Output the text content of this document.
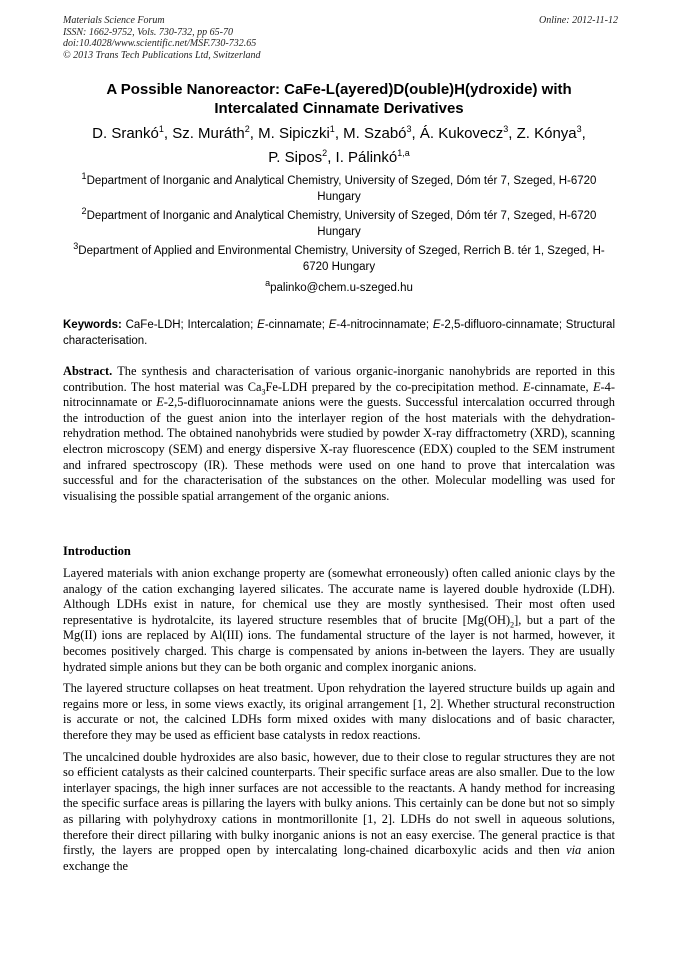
Materials Science Forum
ISSN: 1662-9752, Vols. 730-732, pp 65-70
doi:10.4028/www.scientific.net/MSF.730-732.65
© 2013 Trans Tech Publications Ltd, Switzerland
Online: 2012-11-12
A Possible Nanoreactor: CaFe-L(ayered)D(ouble)H(ydroxide) with
Intercalated Cinnamate Derivatives
D. Srankó$^1$, Sz. Muráth$^2$, M. Sipiczki$^1$, M. Szabó$^3$, Á. Kukovecz$^3$, Z. Kónya$^3$,
P. Sipos$^2$, I. Pálinkó$^{1,a}$
$^1$Department of Inorganic and Analytical Chemistry, University of Szeged, Dóm tér 7, Szeged, H-6720 Hungary
$^2$Department of Inorganic and Analytical Chemistry, University of Szeged, Dóm tér 7, Szeged, H-6720 Hungary
$^3$Department of Applied and Environmental Chemistry, University of Szeged, Rerrich B. tér 1, Szeged, H-6720 Hungary
$^a$palinko@chem.u-szeged.hu
Keywords: CaFe-LDH; Intercalation; E-cinnamate; E-4-nitrocinnamate; E-2,5-difluoro-cinnamate; Structural characterisation.

Abstract. The synthesis and characterisation of various organic-inorganic nanohybrids are reported in this contribution. The host material was $Ca_3Fe$-LDH prepared by the co-precipitation method. E-cinnamate, E-4-nitrocinnamate or E-2,5-difluorocinnamate anions were the guests. Successful intercalation occurred through the introduction of the guest anion into the interlayer region of the host materials with the dehydration-rehydration method. The obtained nanohybrids were studied by powder X-ray diffractometry (XRD), scanning electron microscopy (SEM) and energy dispersive X-ray fluorescence (EDX) coupled to the SEM instrument and infrared spectroscopy (IR). These methods were used on one hand to prove that intercalation was successful and for the characterisation of the substances on the other. Molecular modelling was used for visualising the possible spatial arrangement of the organic anions.

Introduction

Layered materials with anion exchange property are (somewhat erroneously) often called anionic clays by the analogy of the cation exchanging layered silicates. The accurate name is layered double hydroxide (LDH). Although LDHs exist in nature, for chemical use they are mostly synthesised. Their most often used representative is hydrotalcite, its layered structure resembles that of brucite $[Mg(OH)_2]$, but a part of the Mg(II) ions are replaced by Al(III) ions. The fundamental structure of the layer is not harmed, however, it becomes positively charged. This charge is compensated by anions in-between the layers. They are usually hydrated simple anions but they can be both organic and complex inorganic anions.

The layered structure collapses on heat treatment. Upon rehydration the layered structure builds up again and regains more or less, in some views exactly, its original arrangement [1, 2]. Whether structural reconstruction is accurate or not, the calcined LDHs form mixed oxides with many dislocations and of basic character, therefore they may be used as efficient base catalysts in redox reactions.

The uncalcined double hydroxides are also basic, however, due to their close to regular structures they are not so efficient catalysts as their calcined counterparts. Their specific surface areas are also smaller. Due to the low interlayer spacings, the high inner surfaces are not accessible to the reactants. A handy method for increasing the specific surface areas is pillaring the layers with bulky anions. This certainly can be done but not so simply as pillaring with polyhydroxy cations in montmorillonite [1, 2]. LDHs do not swell in aqueous solutions, therefore their direct pillaring with bulky inorganic anions is not an easy exercise. The general practice is that firstly, the layers are propped open by intercalating long-chained dicarboxylic acids and then via anion exchange the
